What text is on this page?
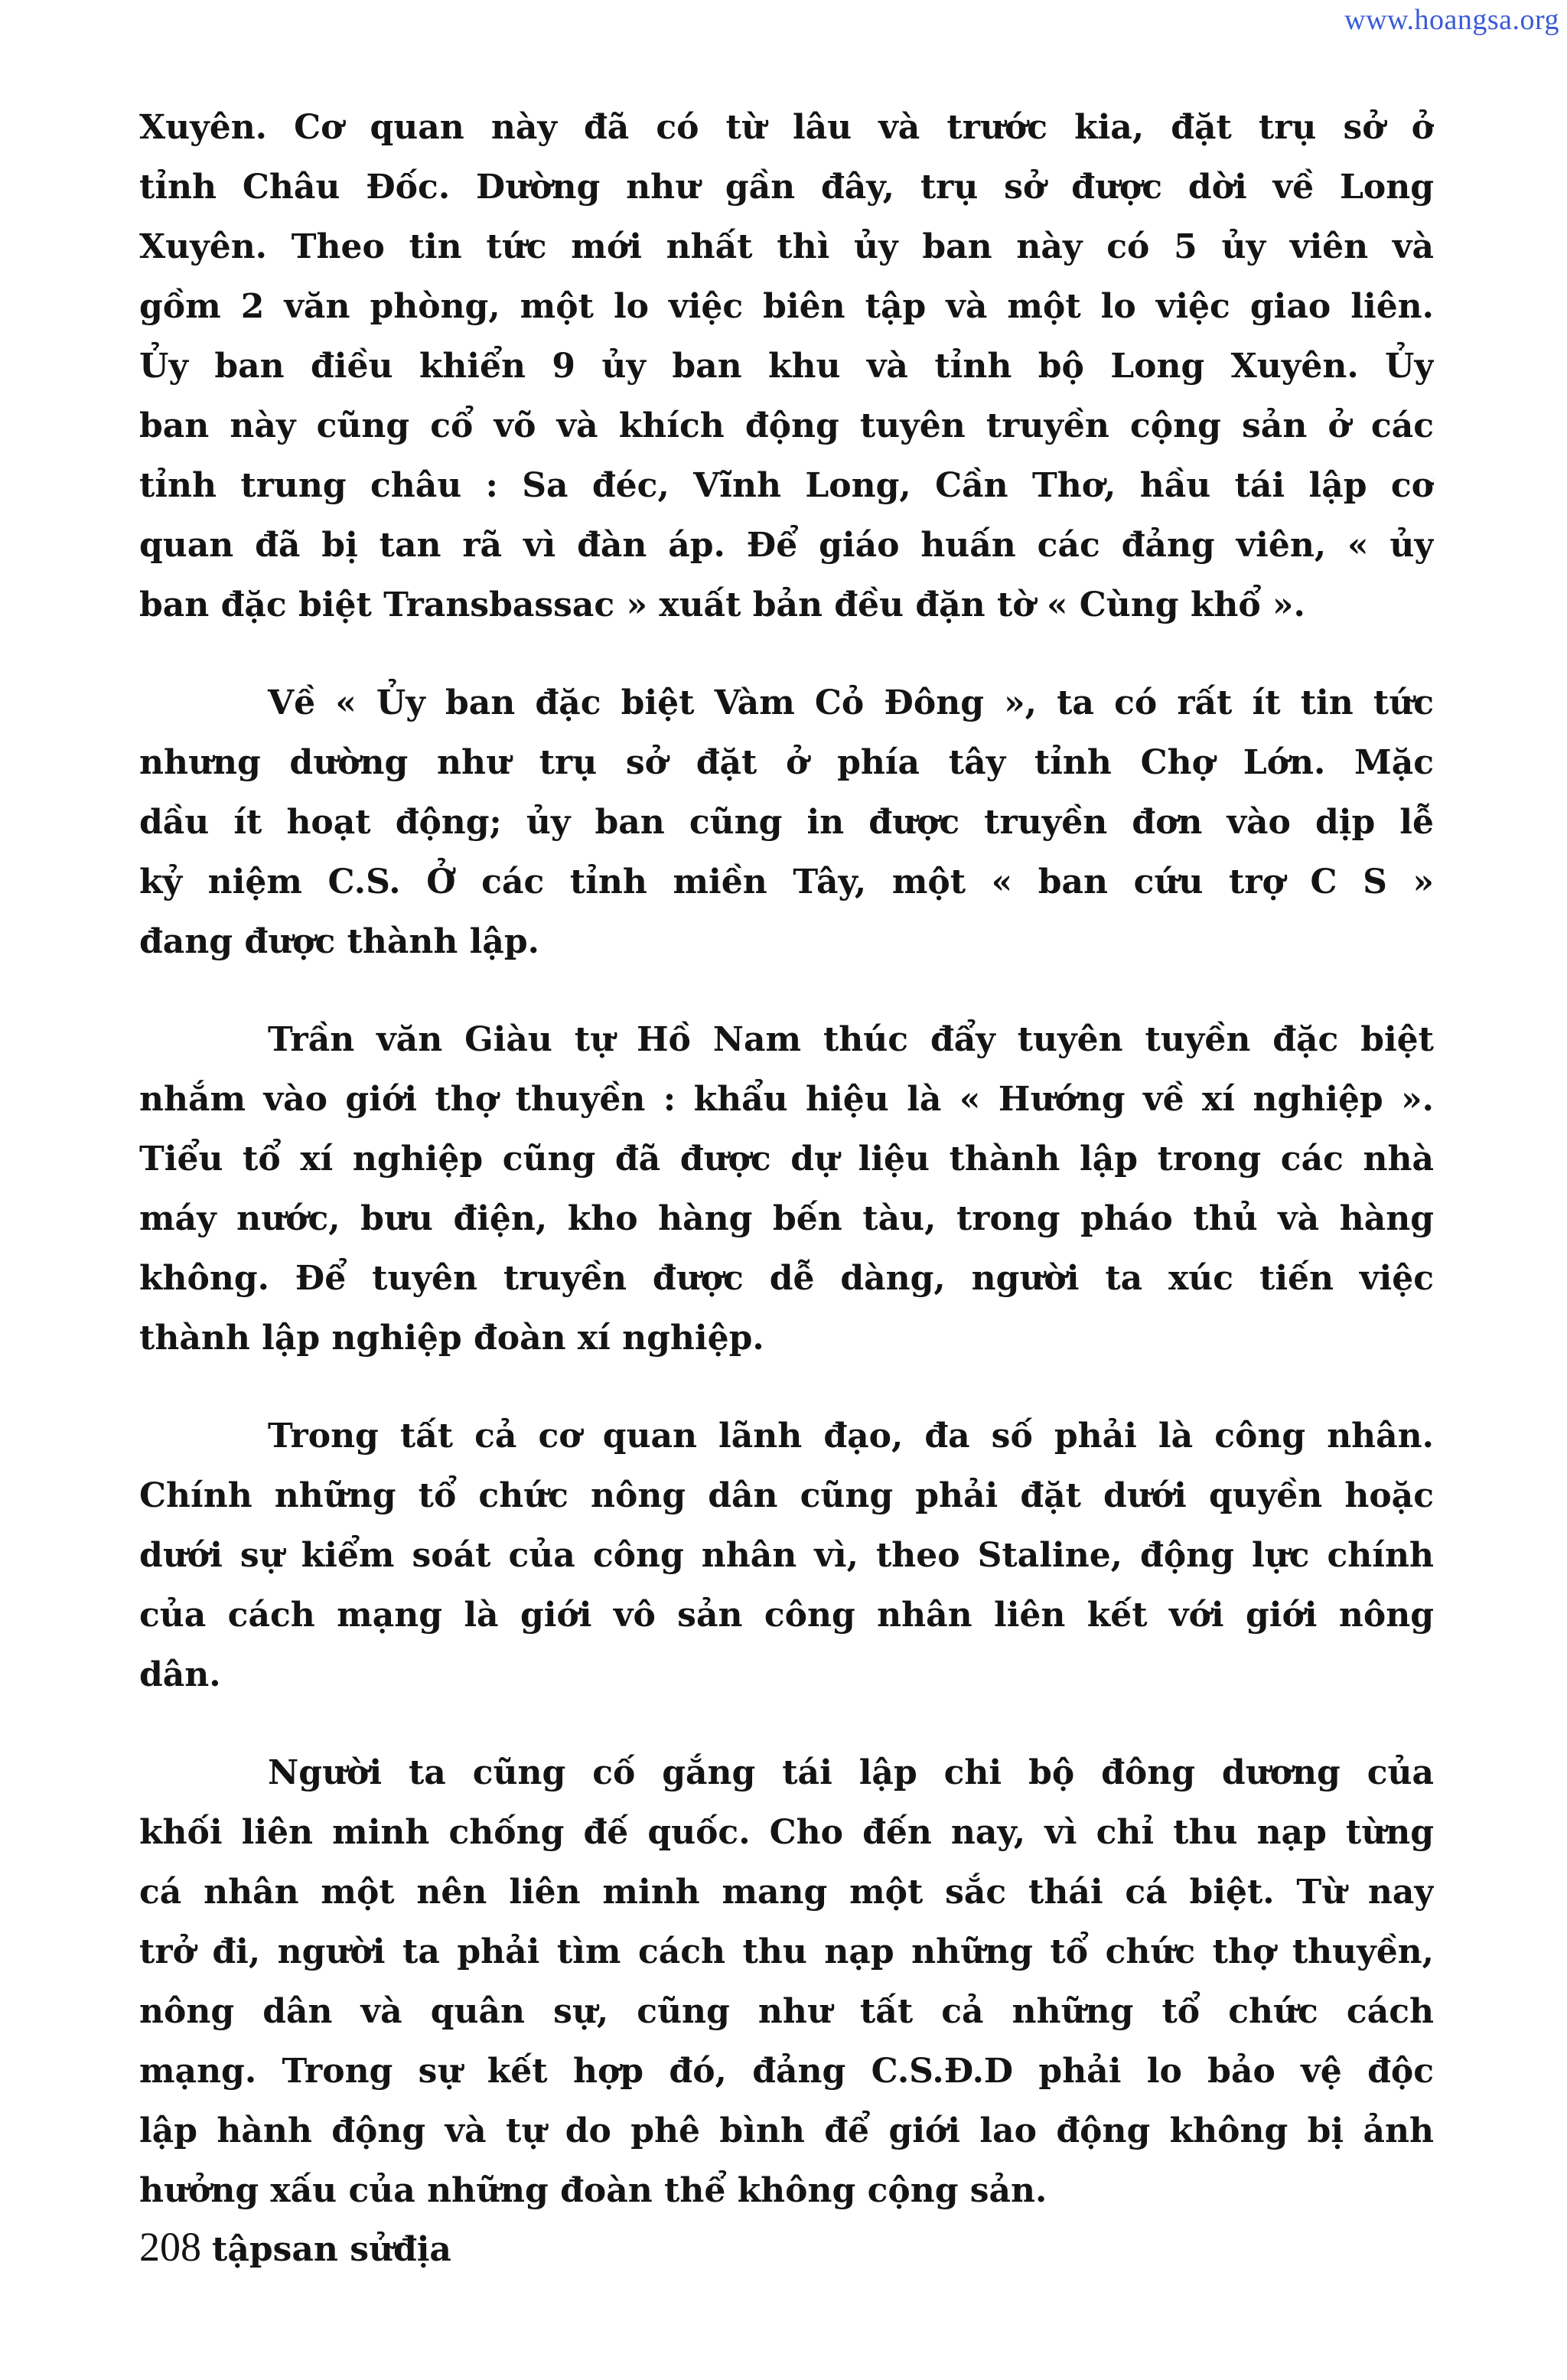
www.hoangsa.org
Xuyên. Cơ quan này đã có từ lâu và trước kia, đặt trụ sở ở
tỉnh Châu Đốc. Dường như gần đây, trụ sở được dời về Long
Xuyên. Theo tin tức mới nhất thì ủy ban này có 5 ủy viên và
gồm 2 văn phòng, một lo việc biên tập và một lo việc giao liên.
Ủy ban điều khiển 9 ủy ban khu và tỉnh bộ Long Xuyên. Ủy
ban này cũng cổ võ và khích động tuyên truyền cộng sản ở các
tỉnh trung châu : Sa đéc, Vĩnh Long, Cần Thơ, hầu tái lập cơ
quan đã bị tan rã vì đàn áp. Để giáo huấn các đảng viên, « ủy
ban đặc biệt Transbassac » xuất bản đều đặn tờ « Cùng khổ ».
Về « Ủy ban đặc biệt Vàm Cỏ Đông », ta có rất ít tin tức
nhưng dường như trụ sở đặt ở phía tây tỉnh Chợ Lớn. Mặc
dầu ít hoạt động; ủy ban cũng in được truyền đơn vào dịp lễ
kỷ niệm C.S. Ở các tỉnh miền Tây, một « ban cứu trợ C S »
đang được thành lập.
Trần văn Giàu tự Hồ Nam thúc đẩy tuyên tuyền đặc biệt
nhắm vào giới thợ thuyền : khẩu hiệu là « Hướng về xí nghiệp ».
Tiểu tổ xí nghiệp cũng đã được dự liệu thành lập trong các nhà
máy nước, bưu điện, kho hàng bến tàu, trong pháo thủ và hàng
không. Để tuyên truyền được dễ dàng, người ta xúc tiến việc
thành lập nghiệp đoàn xí nghiệp.
Trong tất cả cơ quan lãnh đạo, đa số phải là công nhân.
Chính những tổ chức nông dân cũng phải đặt dưới quyền hoặc
dưới sự kiểm soát của công nhân vì, theo Staline, động lực chính
của cách mạng là giới vô sản công nhân liên kết với giới nông
dân.
Người ta cũng cố gắng tái lập chi bộ đông dương của
khối liên minh chống đế quốc. Cho đến nay, vì chỉ thu nạp từng
cá nhân một nên liên minh mang một sắc thái cá biệt. Từ nay
trở đi, người ta phải tìm cách thu nạp những tổ chức thợ thuyền,
nông dân và quân sự, cũng như tất cả những tổ chức cách
mạng. Trong sự kết hợp đó, đảng C.S.Đ.D phải lo bảo vệ độc
lập hành động và tự do phê bình để giới lao động không bị ảnh
hưởng xấu của những đoàn thể không cộng sản.
208 tậpsan sửđịa
